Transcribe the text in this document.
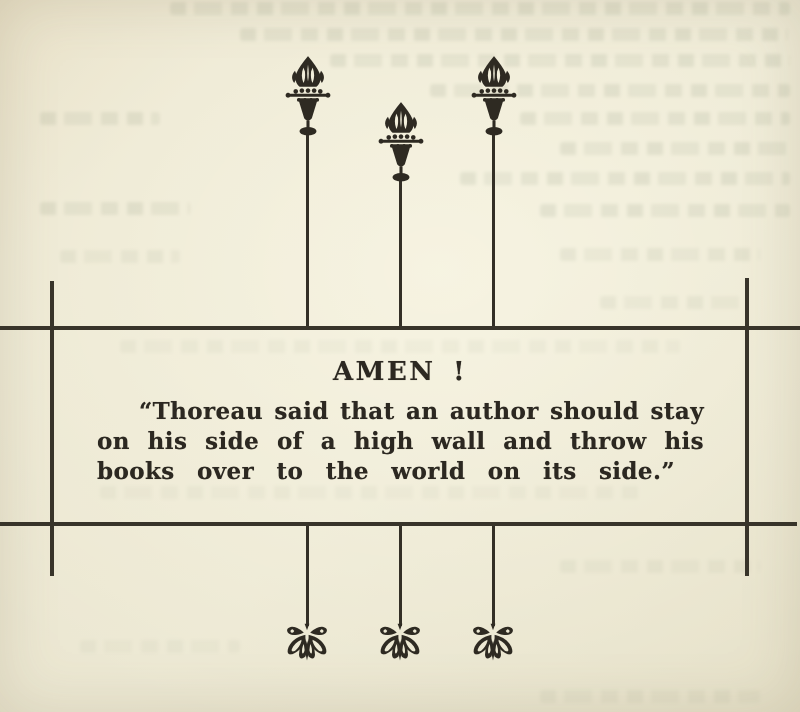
AMEN !
“Thoreau said that an author should stay
on his side of a high wall and throw his
books over to the world on its side.”
